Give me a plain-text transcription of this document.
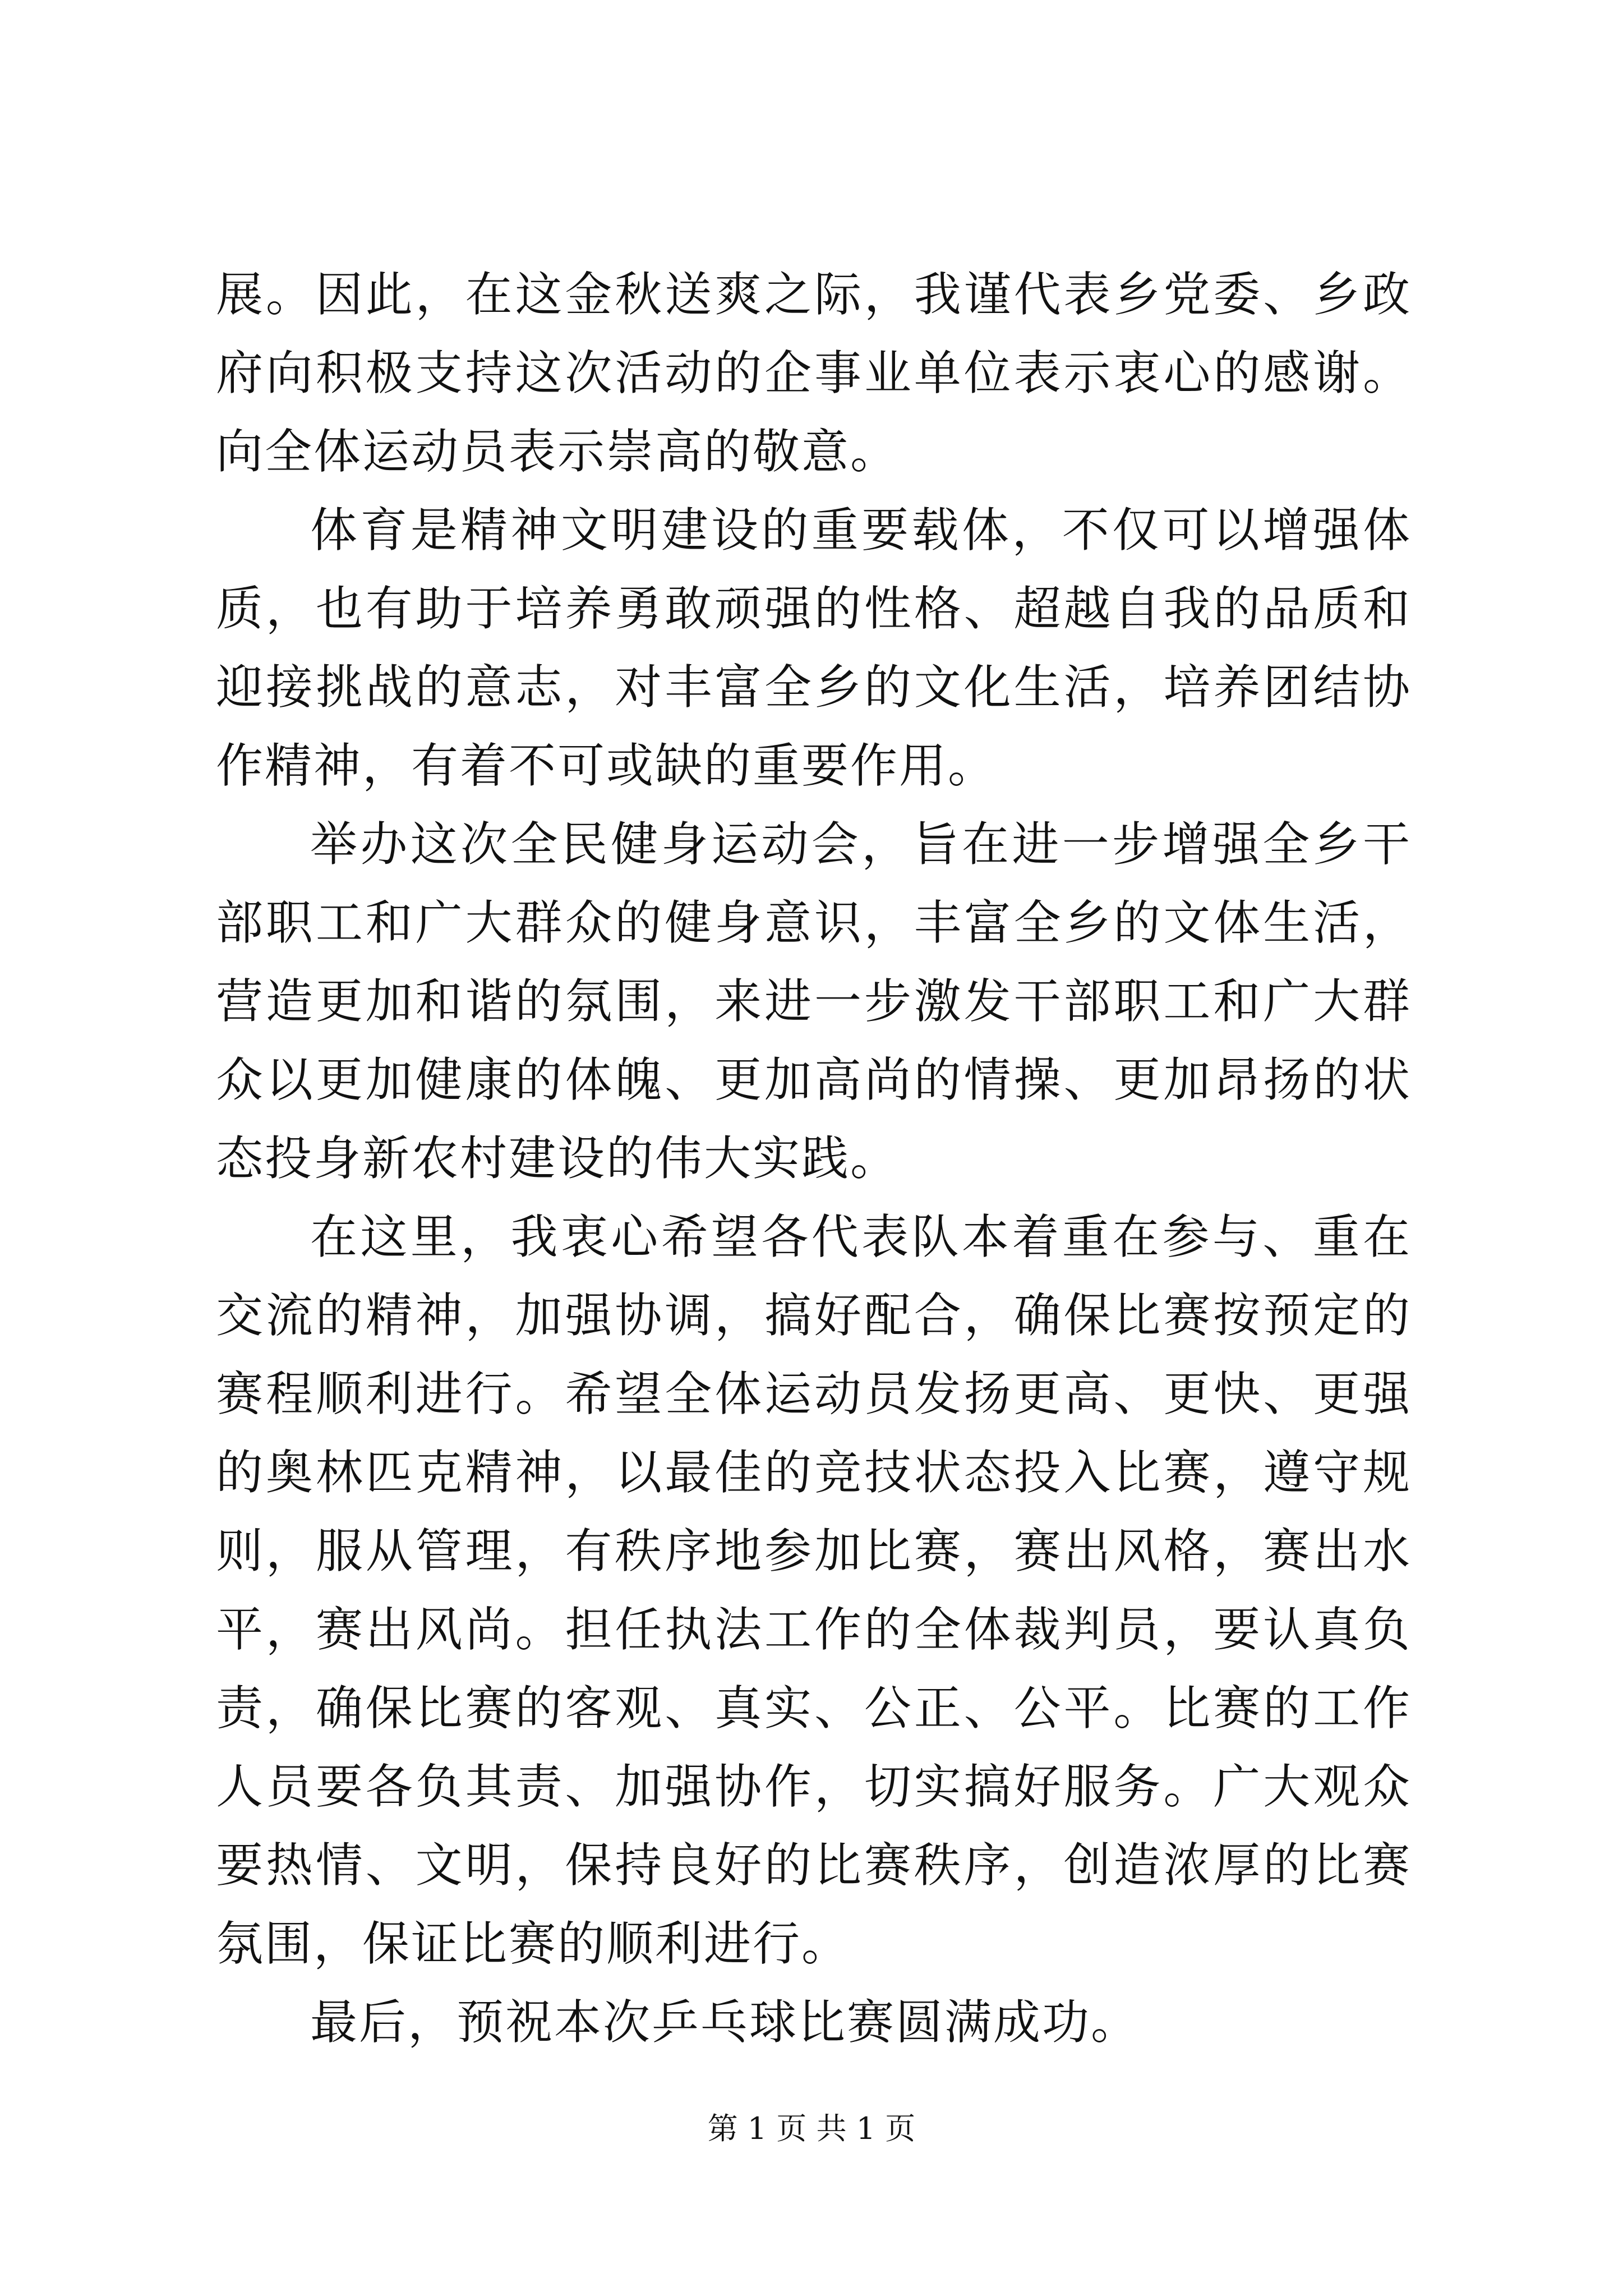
展。因此，在这金秋送爽之际，我谨代表乡党委、乡政府向积极支持这次活动的企事业单位表示衷心的感谢。向全体运动员表示崇高的敬意。

体育是精神文明建设的重要载体，不仅可以增强体质，也有助于培养勇敢顽强的性格、超越自我的品质和迎接挑战的意志，对丰富全乡的文化生活，培养团结协作精神，有着不可或缺的重要作用。

举办这次全民健身运动会，旨在进一步增强全乡干部职工和广大群众的健身意识，丰富全乡的文体生活，营造更加和谐的氛围，来进一步激发干部职工和广大群众以更加健康的体魄、更加高尚的情操、更加昂扬的状态投身新农村建设的伟大实践。

在这里，我衷心希望各代表队本着重在参与、重在交流的精神，加强协调，搞好配合，确保比赛按预定的赛程顺利进行。希望全体运动员发扬更高、更快、更强的奥林匹克精神，以最佳的竞技状态投入比赛，遵守规则，服从管理，有秩序地参加比赛，赛出风格，赛出水平，赛出风尚。担任执法工作的全体裁判员，要认真负责，确保比赛的客观、真实、公正、公平。比赛的工作人员要各负其责、加强协作，切实搞好服务。广大观众要热情、文明，保持良好的比赛秩序，创造浓厚的比赛氛围，保证比赛的顺利进行。

最后，预祝本次乒乓球比赛圆满成功。

第 1 页 共 1 页
